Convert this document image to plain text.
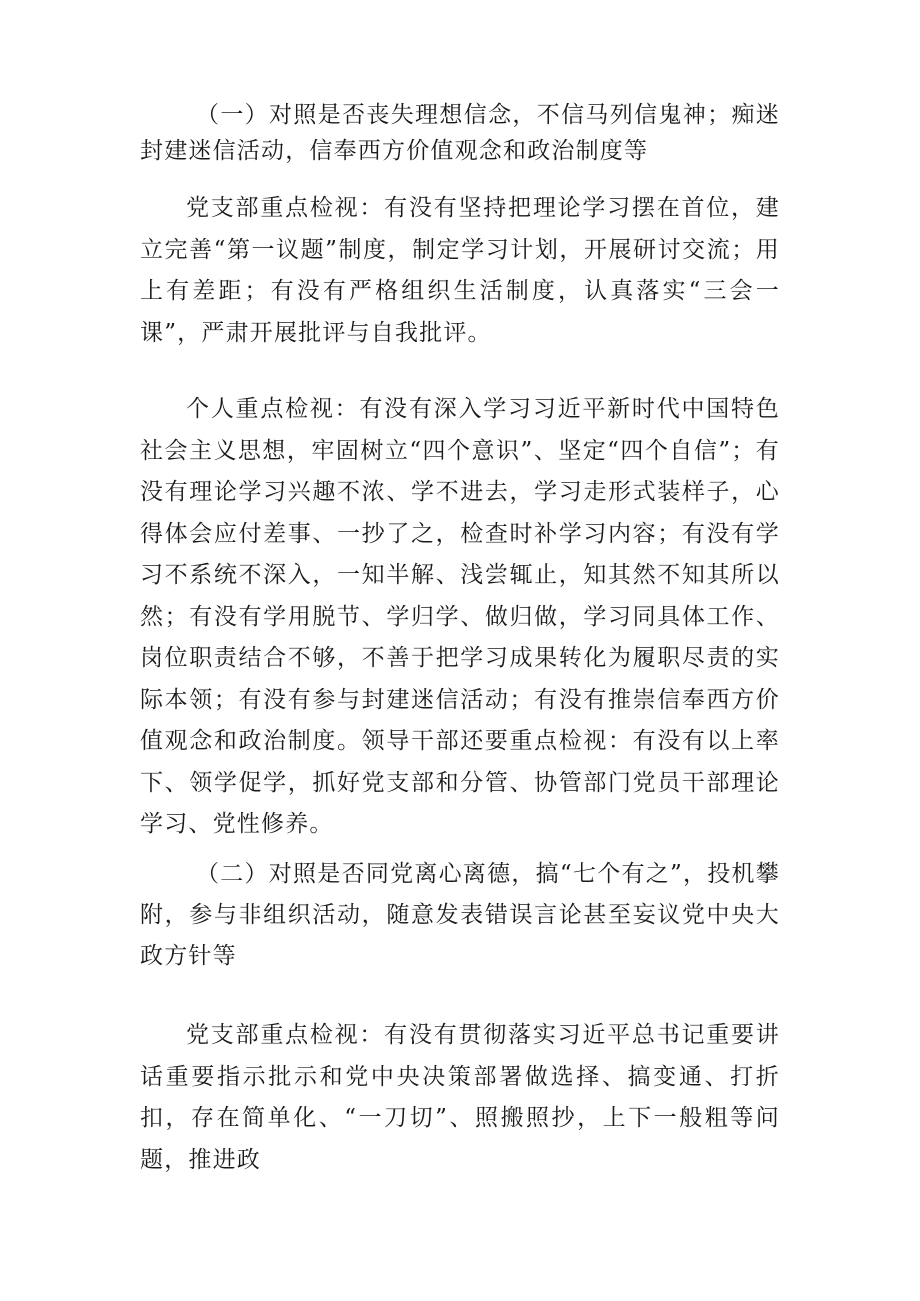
（一）对照是否丧失理想信念，不信马列信鬼神；痴迷封建迷信活动，信奉西方价值观念和政治制度等

党支部重点检视：有没有坚持把理论学习摆在首位，建立完善“第一议题”制度，制定学习计划，开展研讨交流；用上有差距；有没有严格组织生活制度，认真落实“三会一课”，严肃开展批评与自我批评。

个人重点检视：有没有深入学习习近平新时代中国特色社会主义思想，牢固树立“四个意识”、坚定“四个自信”；有没有理论学习兴趣不浓、学不进去，学习走形式装样子，心得体会应付差事、一抄了之，检查时补学习内容；有没有学习不系统不深入，一知半解、浅尝辄止，知其然不知其所以然；有没有学用脱节、学归学、做归做，学习同具体工作、岗位职责结合不够，不善于把学习成果转化为履职尽责的实际本领；有没有参与封建迷信活动；有没有推崇信奉西方价值观念和政治制度。领导干部还要重点检视：有没有以上率下、领学促学，抓好党支部和分管、协管部门党员干部理论学习、党性修养。

（二）对照是否同党离心离德，搞“七个有之”，投机攀附，参与非组织活动，随意发表错误言论甚至妄议党中央大政方针等

党支部重点检视：有没有贯彻落实习近平总书记重要讲话重要指示批示和党中央决策部署做选择、搞变通、打折扣，存在简单化、“一刀切”、照搬照抄，上下一般粗等问题，推进政
